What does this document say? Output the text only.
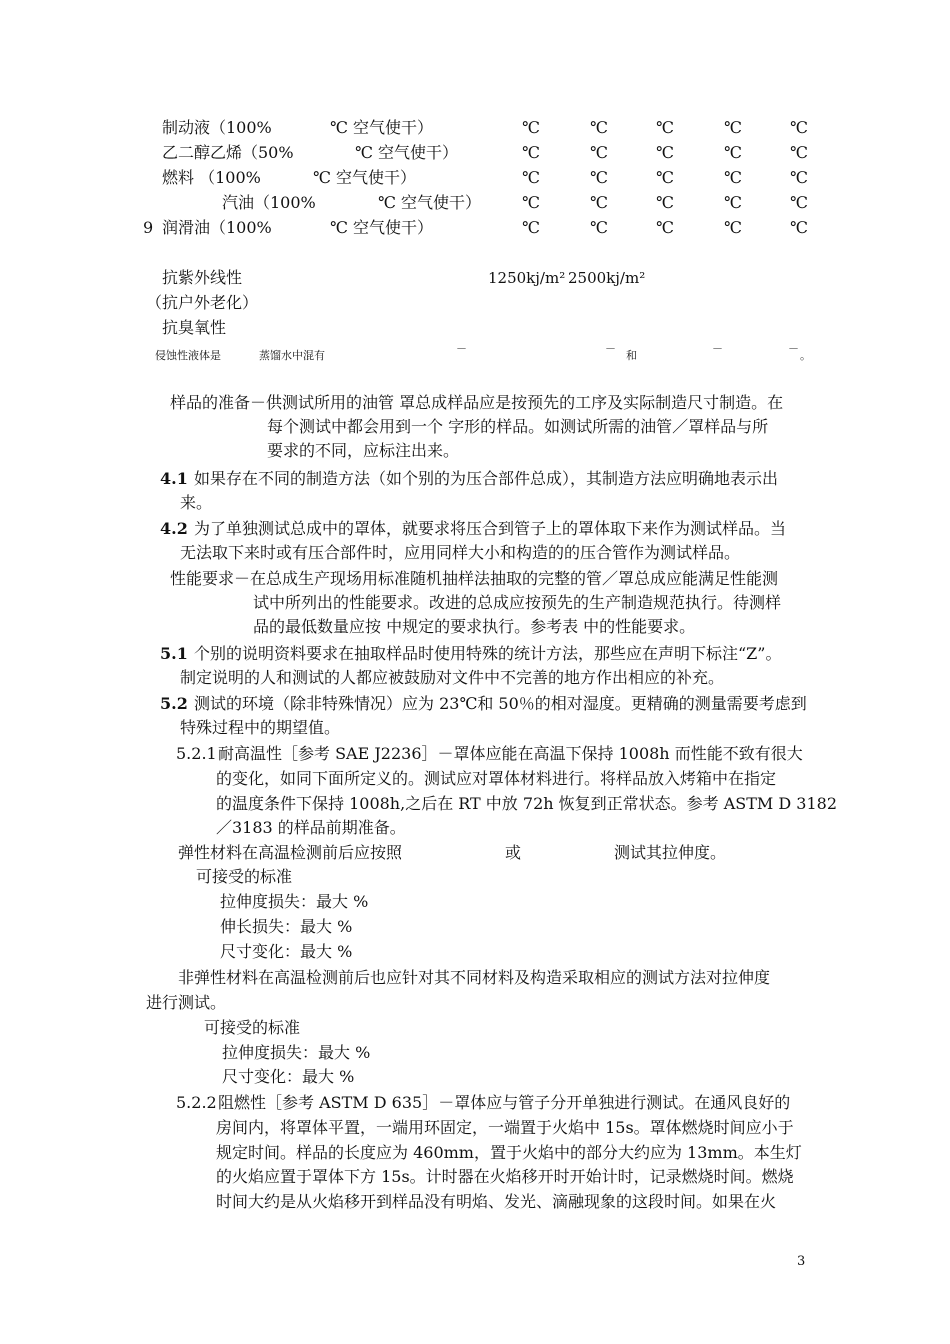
制动液（100%	℃ 空气使干）	℃	℃	℃	℃	℃
乙二醇乙烯（50%	℃ 空气使干）	℃	℃	℃	℃	℃
燃料 （100%	℃ 空气使干）	℃	℃	℃	℃	℃
汽油（100%	℃ 空气使干）	℃	℃	℃	℃	℃
9 润滑油（100%	℃ 空气使干）	℃	℃	℃	℃	℃
抗紫外线性	1250kj/m² 2500kj/m²
（抗户外老化）
抗臭氧性
侵蚀性液体是	蒸馏水中混有
－	－
和
－	－
。
样品的准备－供测试所用的油管 罩总成样品应是按预先的工序及实际制造尺寸制造。在
每个测试中都会用到一个 字形的样品。如测试所需的油管／罩样品与所
要求的不同，应标注出来。
4.1 如果存在不同的制造方法（如个别的为压合部件总成），其制造方法应明确地表示出
来。
4.2 为了单独测试总成中的罩体，就要求将压合到管子上的罩体取下来作为测试样品。当
无法取下来时或有压合部件时，应用同样大小和构造的的压合管作为测试样品。
性能要求－在总成生产现场用标准随机抽样法抽取的完整的管／罩总成应能满足性能测
试中所列出的性能要求。改进的总成应按预先的生产制造规范执行。待测样
品的最低数量应按 中规定的要求执行。参考表 中的性能要求。
5.1 个别的说明资料要求在抽取样品时使用特殊的统计方法，那些应在声明下标注“Z”。
制定说明的人和测试的人都应被鼓励对文件中不完善的地方作出相应的补充。
5.2 测试的环境（除非特殊情况）应为 23℃和 50％的相对湿度。更精确的测量需要考虑到
特殊过程中的期望值。
5.2.1 耐高温性［参考 SAE J2236］－罩体应能在高温下保持 1008h 而性能不致有很大
的变化，如同下面所定义的。测试应对罩体材料进行。将样品放入烤箱中在指定
的温度条件下保持 1008h,之后在 RT 中放 72h 恢复到正常状态。参考 ASTM D 3182
／3183 的样品前期准备。
弹性材料在高温检测前后应按照	或	测试其拉伸度。
可接受的标准
拉伸度损失：最大 %
伸长损失：最大 %
尺寸变化：最大 %
非弹性材料在高温检测前后也应针对其不同材料及构造采取相应的测试方法对拉伸度
进行测试。
可接受的标准
拉伸度损失：最大 %
尺寸变化：最大 %
5.2.2 阻燃性［参考 ASTM D 635］－罩体应与管子分开单独进行测试。在通风良好的
房间内，将罩体平置，一端用环固定，一端置于火焰中 15s。罩体燃烧时间应小于
规定时间。样品的长度应为 460mm，置于火焰中的部分大约应为 13mm。本生灯
的火焰应置于罩体下方 15s。计时器在火焰移开时开始计时，记录燃烧时间。燃烧
时间大约是从火焰移开到样品没有明焰、发光、滴融现象的这段时间。如果在火
3
